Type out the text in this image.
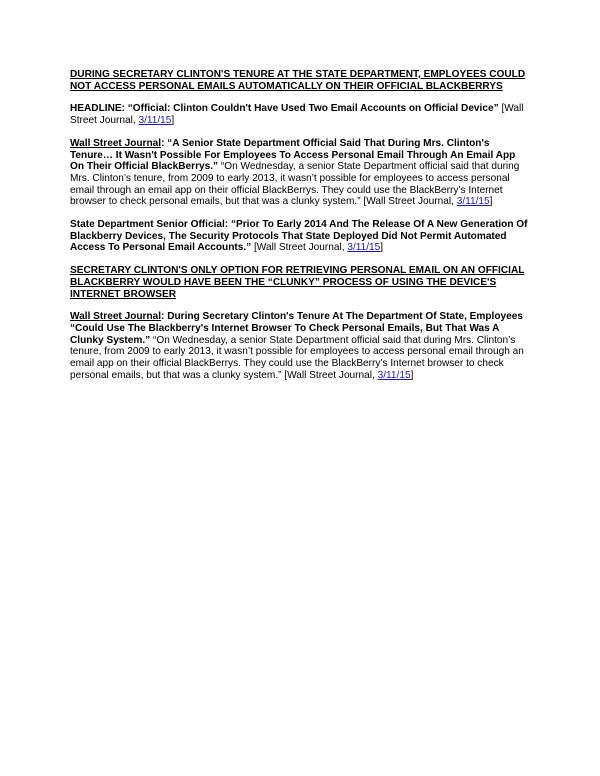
DURING SECRETARY CLINTON'S TENURE AT THE STATE DEPARTMENT, EMPLOYEES COULD NOT ACCESS PERSONAL EMAILS AUTOMATICALLY ON THEIR OFFICIAL BLACKBERRYS

HEADLINE: “Official: Clinton Couldn't Have Used Two Email Accounts on Official Device” [Wall Street Journal, 3/11/15]

Wall Street Journal: “A Senior State Department Official Said That During Mrs. Clinton's Tenure… It Wasn't Possible For Employees To Access Personal Email Through An Email App On Their Official BlackBerrys.” “On Wednesday, a senior State Department official said that during Mrs. Clinton’s tenure, from 2009 to early 2013, it wasn’t possible for employees to access personal email through an email app on their official BlackBerrys. They could use the BlackBerry’s Internet browser to check personal emails, but that was a clunky system.” [Wall Street Journal, 3/11/15]

State Department Senior Official: “Prior To Early 2014 And The Release Of A New Generation Of Blackberry Devices, The Security Protocols That State Deployed Did Not Permit Automated Access To Personal Email Accounts.” [Wall Street Journal, 3/11/15]

SECRETARY CLINTON'S ONLY OPTION FOR RETRIEVING PERSONAL EMAIL ON AN OFFICIAL BLACKBERRY WOULD HAVE BEEN THE “CLUNKY” PROCESS OF USING THE DEVICE'S INTERNET BROWSER

Wall Street Journal: During Secretary Clinton's Tenure At The Department Of State, Employees “Could Use The Blackberry's Internet Browser To Check Personal Emails, But That Was A Clunky System.” “On Wednesday, a senior State Department official said that during Mrs. Clinton’s tenure, from 2009 to early 2013, it wasn’t possible for employees to access personal email through an email app on their official BlackBerrys. They could use the BlackBerry’s Internet browser to check personal emails, but that was a clunky system.” [Wall Street Journal, 3/11/15]
